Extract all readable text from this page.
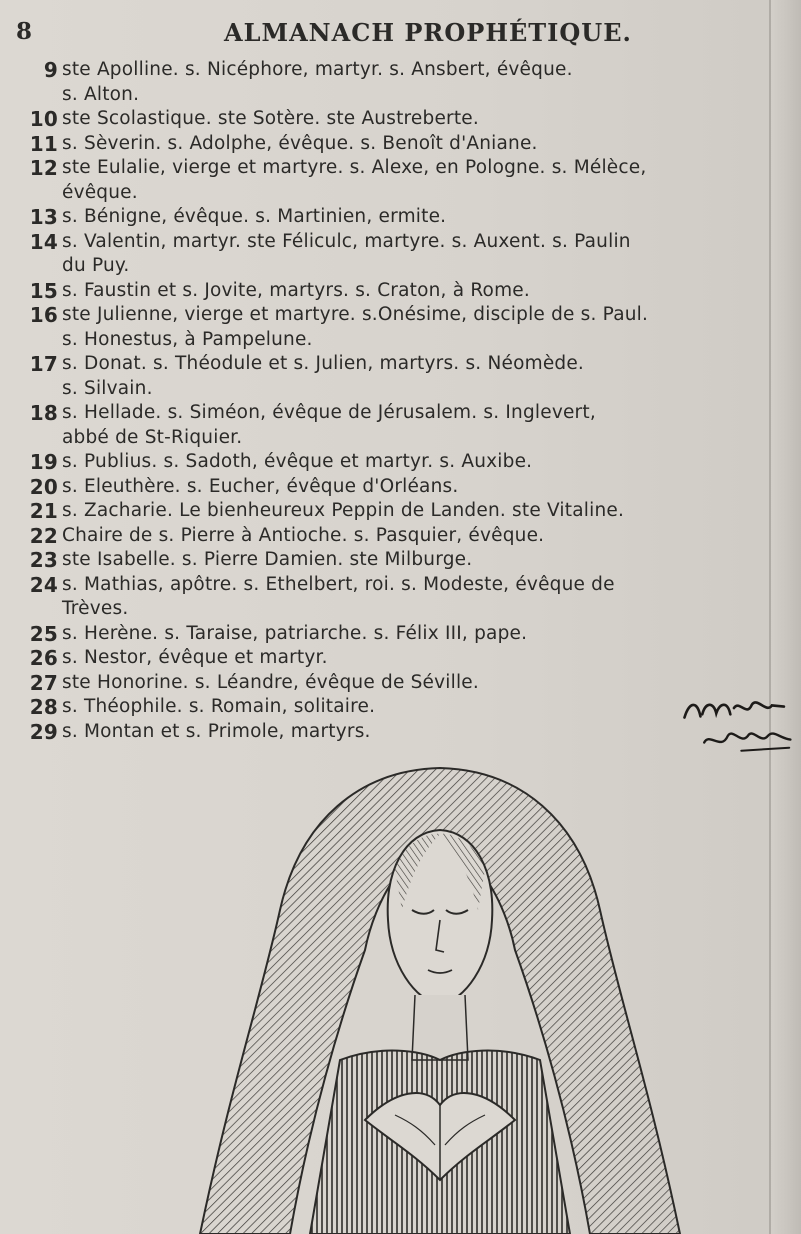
8	ALMANACH PROPHÉTIQUE.
9 ste Apolline. s. Nicéphore, martyr. s. Ansbert, évêque.
s. Alton.
10 ste Scolastique. ste Sotère. ste Austreberte.
11 s. Sèverin. s. Adolphe, évêque. s. Benoît d'Aniane.
12 ste Eulalie, vierge et martyre. s. Alexe, en Pologne. s. Mélèce,
évêque.
13 s. Bénigne, évêque. s. Martinien, ermite.
14 s. Valentin, martyr. ste Féliculc, martyre. s. Auxent. s. Paulin
du Puy.
15 s. Faustin et s. Jovite, martyrs. s. Craton, à Rome.
16 ste Julienne, vierge et martyre. s.Onésime, disciple de s. Paul.
s. Honestus, à Pampelune.
17 s. Donat. s. Théodule et s. Julien, martyrs. s. Néomède.
s. Silvain.
18 s. Hellade. s. Siméon, évêque de Jérusalem. s. Inglevert,
abbé de St-Riquier.
19 s. Publius. s. Sadoth, évêque et martyr. s. Auxibe.
20 s. Eleuthère. s. Eucher, évêque d'Orléans.
21 s. Zacharie. Le bienheureux Peppin de Landen. ste Vitaline.
22 Chaire de s. Pierre à Antioche. s. Pasquier, évêque.
23 ste Isabelle. s. Pierre Damien. ste Milburge.
24 s. Mathias, apôtre. s. Ethelbert, roi. s. Modeste, évêque de
Trèves.
25 s. Herène. s. Taraise, patriarche. s. Félix III, pape.
26 s. Nestor, évêque et martyr.
27 ste Honorine. s. Léandre, évêque de Séville.
28 s. Théophile. s. Romain, solitaire.
29 s. Montan et s. Primole, martyrs.
